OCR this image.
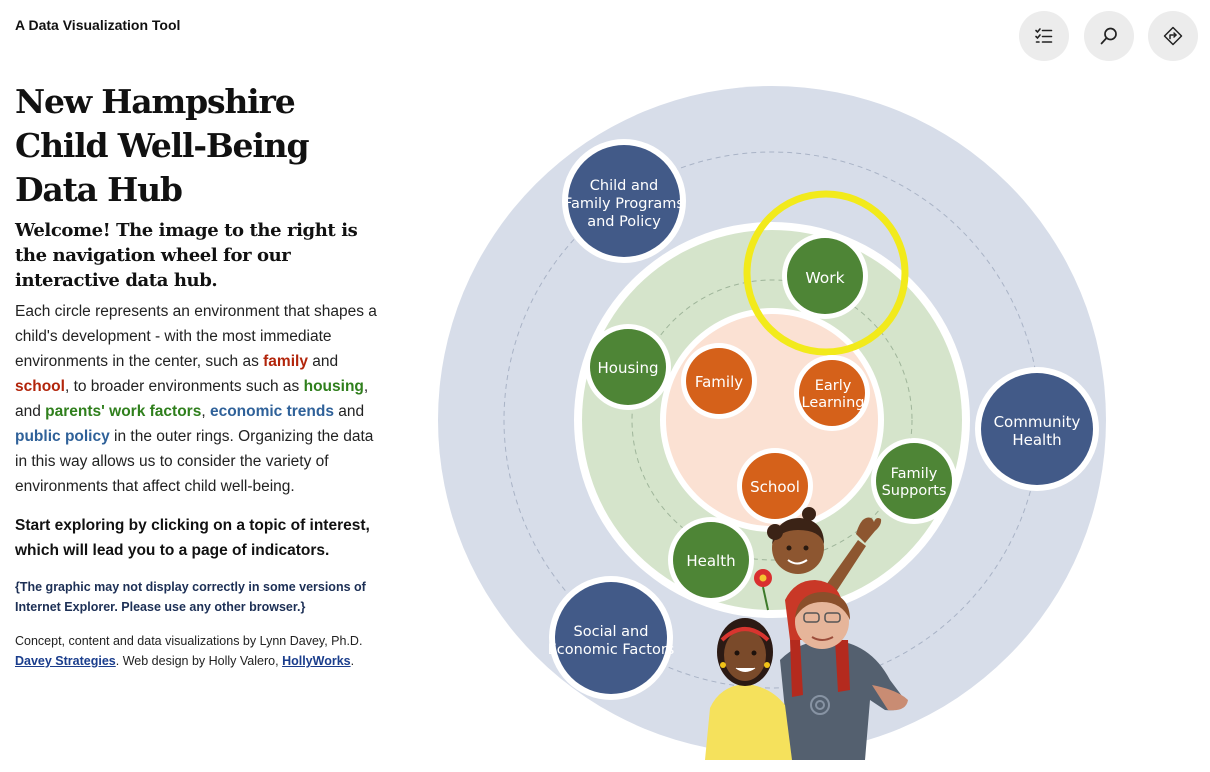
A Data Visualization Tool
New Hampshire Child Well-Being Data Hub
Welcome! The image to the right is the navigation wheel for our interactive data hub.

Each circle represents an environment that shapes a child's development - with the most immediate environments in the center, such as family and school, to broader environments such as housing, and parents' work factors, economic trends and public policy in the outer rings. Organizing the data in this way allows us to consider the variety of environments that affect child well-being.

Start exploring by clicking on a topic of interest, which will lead you to a page of indicators.

{The graphic may not display correctly in some versions of Internet Explorer. Please use any other browser.}

Concept, content and data visualizations by Lynn Davey, Ph.D. Davey Strategies. Web design by Holly Valero, HollyWorks.

Child and
Family Programs
and Policy
Community
Health
Social and
Economic Factors
Work
Housing
Family
Supports
Health
Family	Early
Learning
School
